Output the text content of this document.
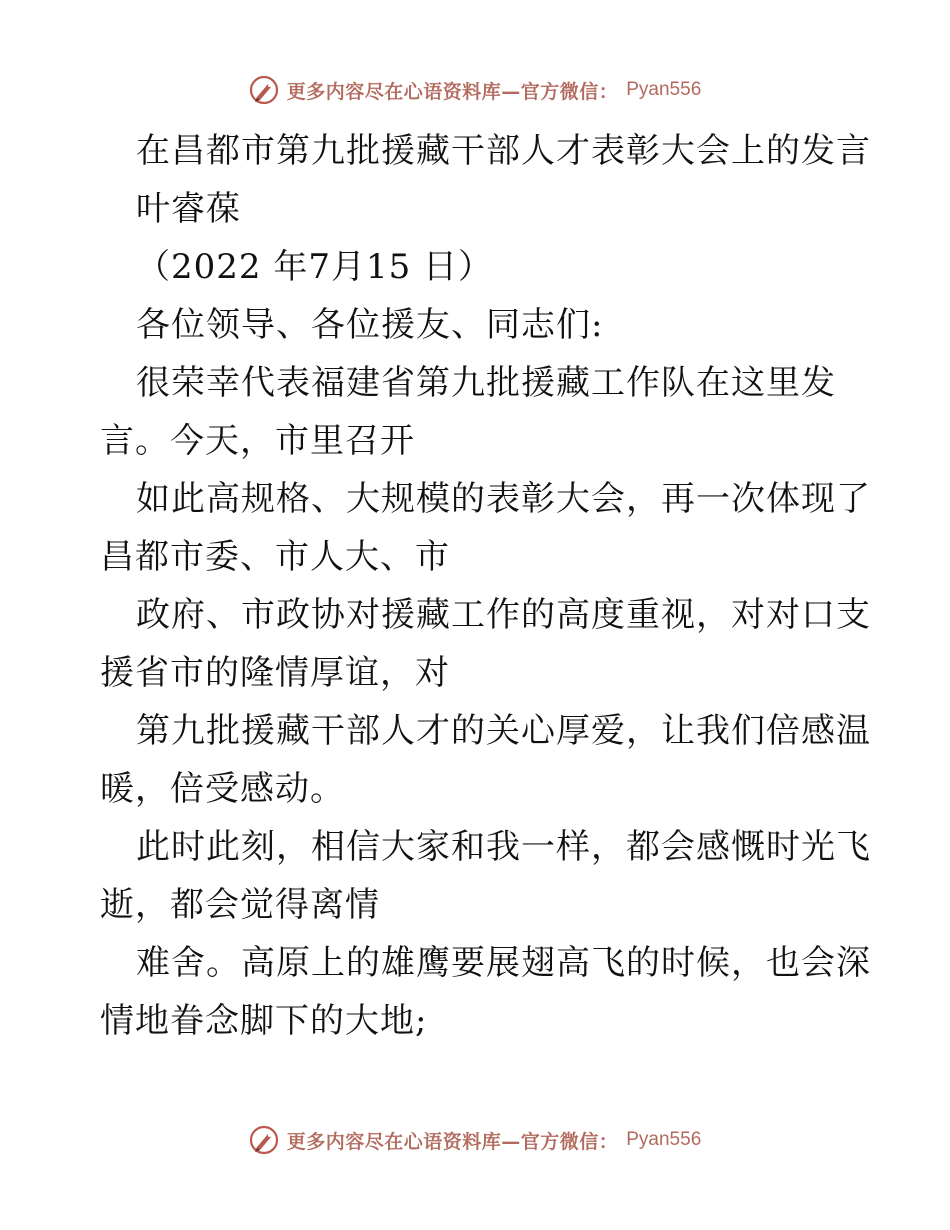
更多内容尽在心语资料库—官方微信： Pyan556
在昌都市第九批援藏干部人才表彰大会上的发言
叶睿葆
（2022 年7月15 日）
各位领导、各位援友、同志们:
很荣幸代表福建省第九批援藏工作队在这里发
言。今天，市里召开
如此高规格、大规模的表彰大会，再一次体现了
昌都市委、市人大、市
政府、市政协对援藏工作的高度重视，对对口支
援省市的隆情厚谊，对
第九批援藏干部人才的关心厚爱，让我们倍感温
暖，倍受感动。
此时此刻，相信大家和我一样，都会感慨时光飞
逝，都会觉得离情
难舍。高原上的雄鹰要展翅高飞的时候，也会深
情地眷念脚下的大地;
更多内容尽在心语资料库—官方微信： Pyan556
